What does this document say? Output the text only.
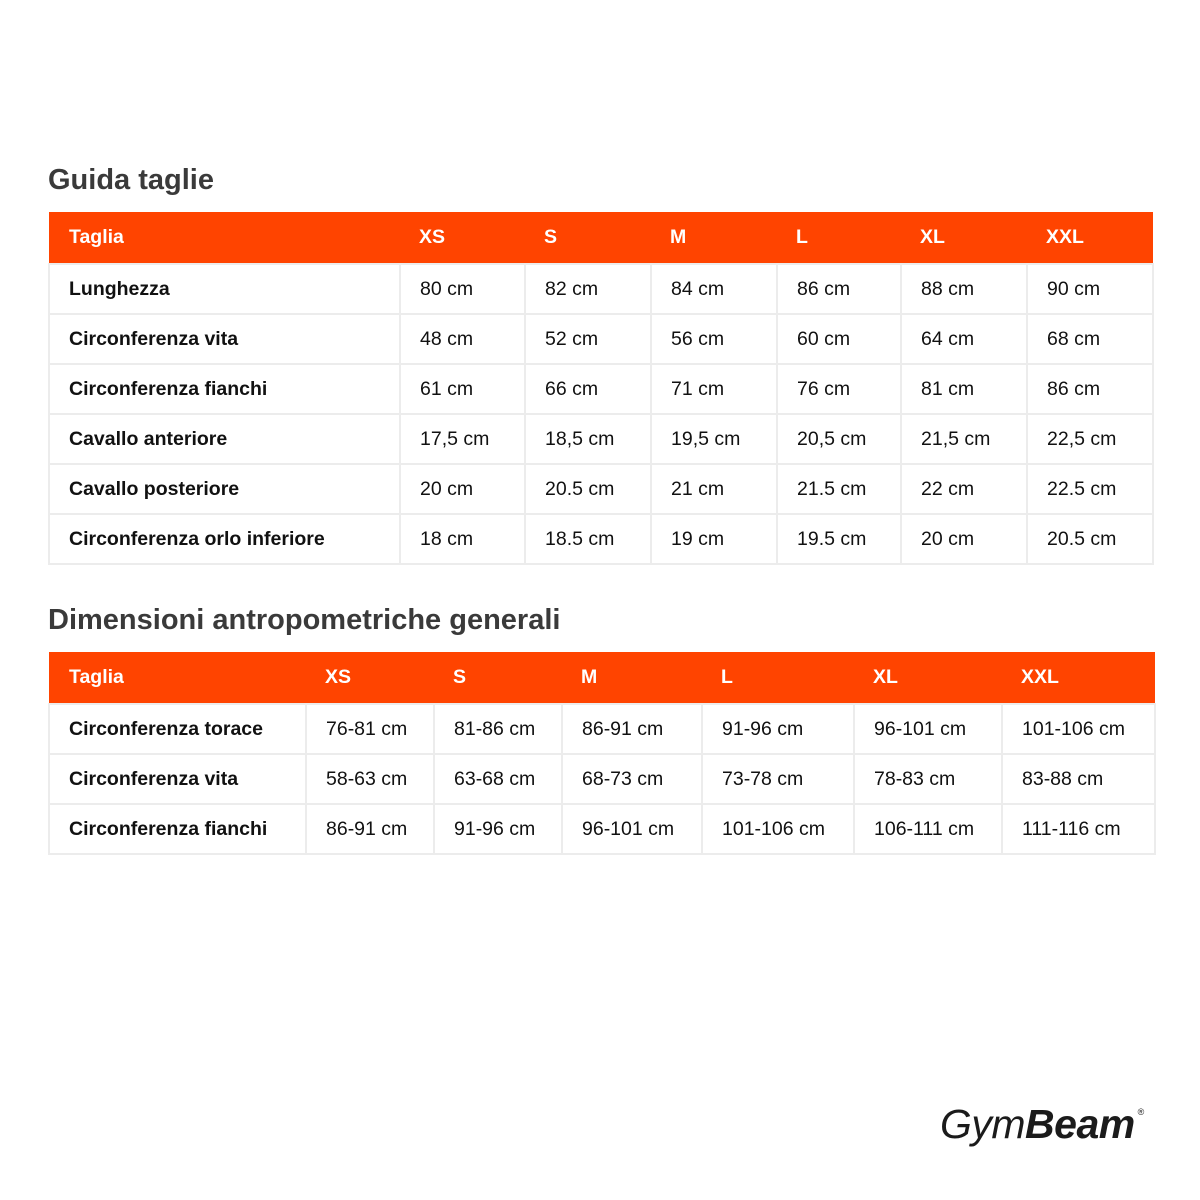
Guida taglie
Taglia	XS	S	M	L	XL	XXL
Lunghezza	80 cm	82 cm	84 cm	86 cm	88 cm	90 cm
Circonferenza vita	48 cm	52 cm	56 cm	60 cm	64 cm	68 cm
Circonferenza fianchi	61 cm	66 cm	71 cm	76 cm	81 cm	86 cm
Cavallo anteriore	17,5 cm	18,5 cm	19,5 cm	20,5 cm	21,5 cm	22,5 cm
Cavallo posteriore	20 cm	20.5 cm	21 cm	21.5 cm	22 cm	22.5 cm
Circonferenza orlo inferiore	18 cm	18.5 cm	19 cm	19.5 cm	20 cm	20.5 cm
Dimensioni antropometriche generali
Taglia	XS	S	M	L	XL	XXL
Circonferenza torace	76-81 cm	81-86 cm	86-91 cm	91-96 cm	96-101 cm	101-106 cm
Circonferenza vita	58-63 cm	63-68 cm	68-73 cm	73-78 cm	78-83 cm	83-88 cm
Circonferenza fianchi	86-91 cm	91-96 cm	96-101 cm	101-106 cm	106-111 cm	111-116 cm
GymBeam ®
